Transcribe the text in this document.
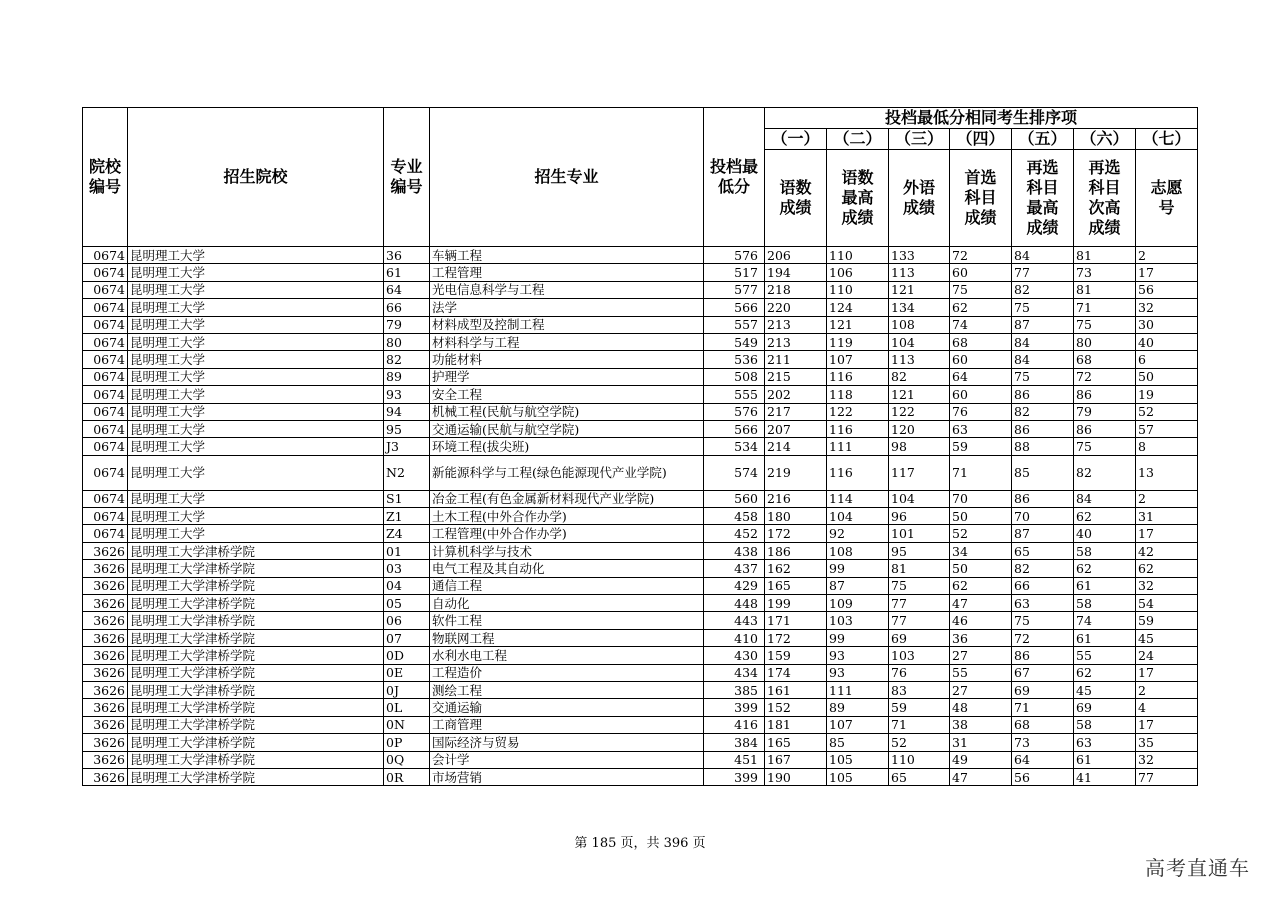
院校编号	招生院校	专业编号	招生专业	投档最低分	投档最低分相同考生排序项						
					（一）	（二）	（三）	（四）	（五）	（六）	（七）
					语数成绩	语数最高成绩	外语成绩	首选科目成绩	再选科目最高成绩	再选科目次高成绩	志愿号
0674	昆明理工大学	36	车辆工程	576	206	110	133	72	84	81	2
0674	昆明理工大学	61	工程管理	517	194	106	113	60	77	73	17
0674	昆明理工大学	64	光电信息科学与工程	577	218	110	121	75	82	81	56
0674	昆明理工大学	66	法学	566	220	124	134	62	75	71	32
0674	昆明理工大学	79	材料成型及控制工程	557	213	121	108	74	87	75	30
0674	昆明理工大学	80	材料科学与工程	549	213	119	104	68	84	80	40
0674	昆明理工大学	82	功能材料	536	211	107	113	60	84	68	6
0674	昆明理工大学	89	护理学	508	215	116	82	64	75	72	50
0674	昆明理工大学	93	安全工程	555	202	118	121	60	86	86	19
0674	昆明理工大学	94	机械工程(民航与航空学院)	576	217	122	122	76	82	79	52
0674	昆明理工大学	95	交通运输(民航与航空学院)	566	207	116	120	63	86	86	57
0674	昆明理工大学	J3	环境工程(拔尖班)	534	214	111	98	59	88	75	8
0674	昆明理工大学	N2	新能源科学与工程(绿色能源现代产业学院)	574	219	116	117	71	85	82	13
0674	昆明理工大学	S1	冶金工程(有色金属新材料现代产业学院)	560	216	114	104	70	86	84	2
0674	昆明理工大学	Z1	土木工程(中外合作办学)	458	180	104	96	50	70	62	31
0674	昆明理工大学	Z4	工程管理(中外合作办学)	452	172	92	101	52	87	40	17
3626	昆明理工大学津桥学院	01	计算机科学与技术	438	186	108	95	34	65	58	42
3626	昆明理工大学津桥学院	03	电气工程及其自动化	437	162	99	81	50	82	62	62
3626	昆明理工大学津桥学院	04	通信工程	429	165	87	75	62	66	61	32
3626	昆明理工大学津桥学院	05	自动化	448	199	109	77	47	63	58	54
3626	昆明理工大学津桥学院	06	软件工程	443	171	103	77	46	75	74	59
3626	昆明理工大学津桥学院	07	物联网工程	410	172	99	69	36	72	61	45
3626	昆明理工大学津桥学院	0D	水利水电工程	430	159	93	103	27	86	55	24
3626	昆明理工大学津桥学院	0E	工程造价	434	174	93	76	55	67	62	17
3626	昆明理工大学津桥学院	0J	测绘工程	385	161	111	83	27	69	45	2
3626	昆明理工大学津桥学院	0L	交通运输	399	152	89	59	48	71	69	4
3626	昆明理工大学津桥学院	0N	工商管理	416	181	107	71	38	68	58	17
3626	昆明理工大学津桥学院	0P	国际经济与贸易	384	165	85	52	31	73	63	35
3626	昆明理工大学津桥学院	0Q	会计学	451	167	105	110	49	64	61	32
3626	昆明理工大学津桥学院	0R	市场营销	399	190	105	65	47	56	41	77
第 185 页，共 396 页
高考直通车
